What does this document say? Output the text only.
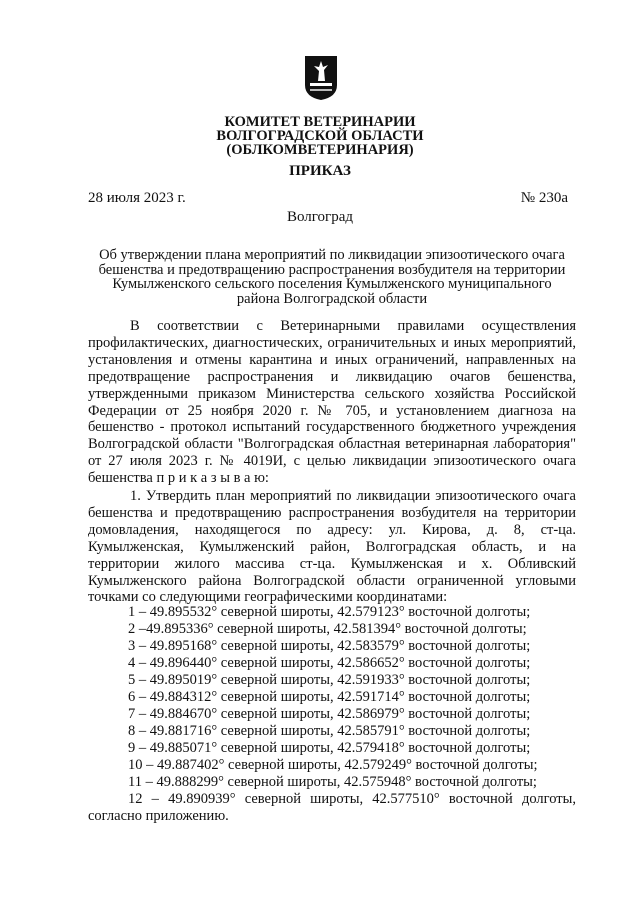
КОМИТЕТ ВЕТЕРИНАРИИ
ВОЛГОГРАДСКОЙ ОБЛАСТИ
(ОБЛКОМВЕТЕРИНАРИЯ)
ПРИКАЗ
28 июля 2023 г.	№ 230а
Волгоград
Об утверждении плана мероприятий по ликвидации эпизоотического очага
бешенства и предотвращению распространения возбудителя на территории
Кумылженского сельского поселения Кумылженского муниципального
района Волгоградской области
В соответствии с Ветеринарными правилами осуществления профилактических, диагностических, ограничительных и иных мероприятий, установления и отмены карантина и иных ограничений, направленных на предотвращение распространения и ликвидацию очагов бешенства, утвержденными приказом Министерства сельского хозяйства Российской Федерации от 25 ноября 2020 г. № 705, и установлением диагноза на бешенство - протокол испытаний государственного бюджетного учреждения Волгоградской области "Волгоградская областная ветеринарная лаборатория" от 27 июля 2023 г. № 4019И, с целью ликвидации эпизоотического очага бешенства п р и к а з ы в а ю:
1. Утвердить план мероприятий по ликвидации эпизоотического очага бешенства и предотвращению распространения возбудителя на территории домовладения, находящегося по адресу: ул. Кирова, д. 8, ст-ца. Кумылженская, Кумылженский район, Волгоградская область, и на территории жилого массива ст-ца. Кумылженская и х. Обливский Кумылженского района Волгоградской области ограниченной угловыми точками со следующими географическими координатами:
1 – 49.895532° северной широты, 42.579123° восточной долготы;
2 –49.895336° северной широты, 42.581394° восточной долготы;
3 – 49.895168° северной широты, 42.583579° восточной долготы;
4 – 49.896440° северной широты, 42.586652° восточной долготы;
5 – 49.895019° северной широты, 42.591933° восточной долготы;
6 – 49.884312° северной широты, 42.591714° восточной долготы;
7 – 49.884670° северной широты, 42.586979° восточной долготы;
8 – 49.881716° северной широты, 42.585791° восточной долготы;
9 – 49.885071° северной широты, 42.579418° восточной долготы;
10 – 49.887402° северной широты, 42.579249° восточной долготы;
11 – 49.888299° северной широты, 42.575948° восточной долготы;
12 – 49.890939° северной широты, 42.577510° восточной долготы, согласно приложению.
